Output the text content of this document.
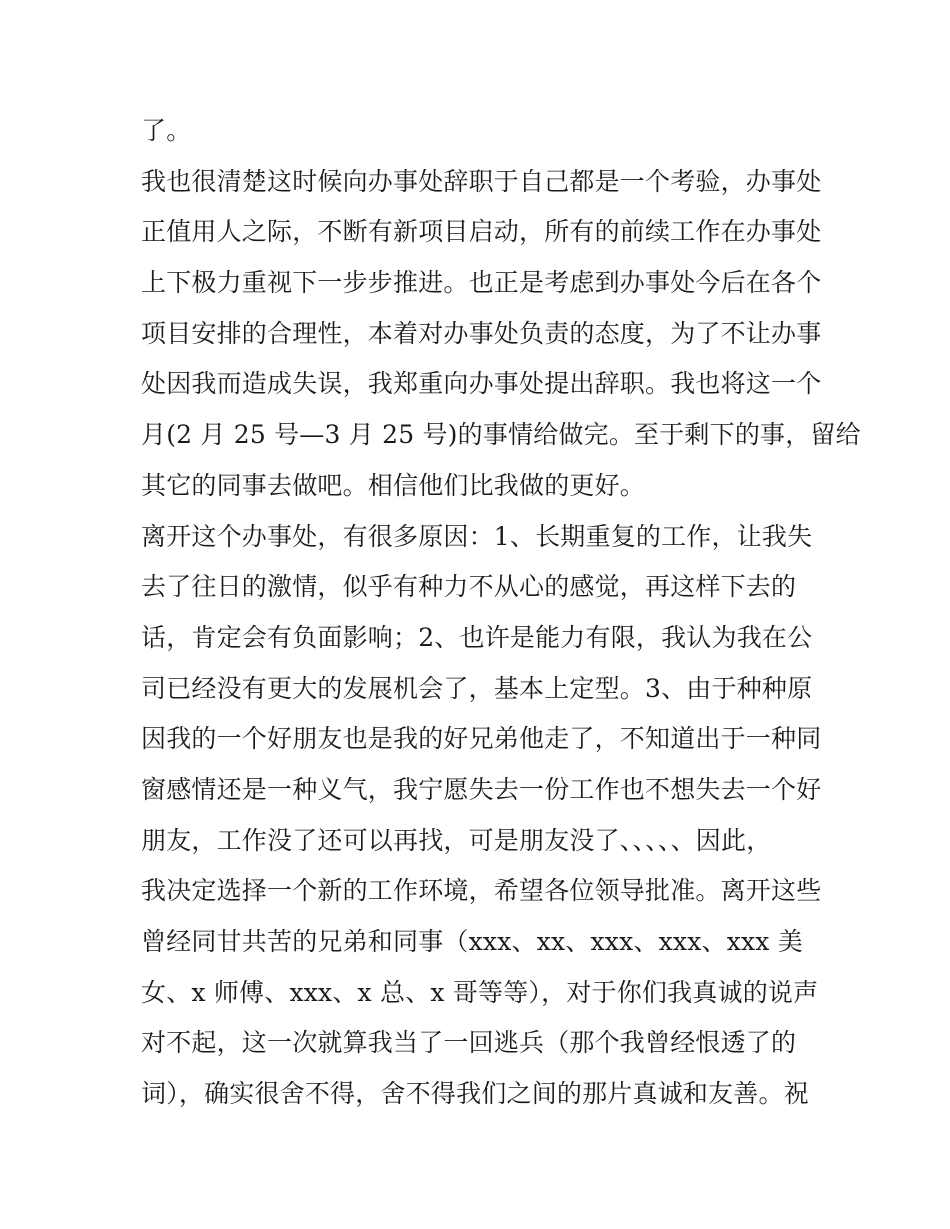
了。
我也很清楚这时候向办事处辞职于自己都是一个考验，办事处
正值用人之际，不断有新项目启动，所有的前续工作在办事处
上下极力重视下一步步推进。也正是考虑到办事处今后在各个
项目安排的合理性，本着对办事处负责的态度，为了不让办事
处因我而造成失误，我郑重向办事处提出辞职。我也将这一个
月(2 月 25 号—3 月 25 号)的事情给做完。至于剩下的事，留给
其它的同事去做吧。相信他们比我做的更好。
离开这个办事处，有很多原因：1、长期重复的工作，让我失
去了往日的激情，似乎有种力不从心的感觉，再这样下去的
话，肯定会有负面影响；2、也许是能力有限，我认为我在公
司已经没有更大的发展机会了，基本上定型。3、由于种种原
因我的一个好朋友也是我的好兄弟他走了，不知道出于一种同
窗感情还是一种义气，我宁愿失去一份工作也不想失去一个好
朋友，工作没了还可以再找，可是朋友没了、、、、、因此，
我决定选择一个新的工作环境，希望各位领导批准。离开这些
曾经同甘共苦的兄弟和同事（xxx、xx、xxx、xxx、xxx 美
女、x 师傅、xxx、x 总、x 哥等等），对于你们我真诚的说声
对不起，这一次就算我当了一回逃兵（那个我曾经恨透了的
词），确实很舍不得，舍不得我们之间的那片真诚和友善。祝
